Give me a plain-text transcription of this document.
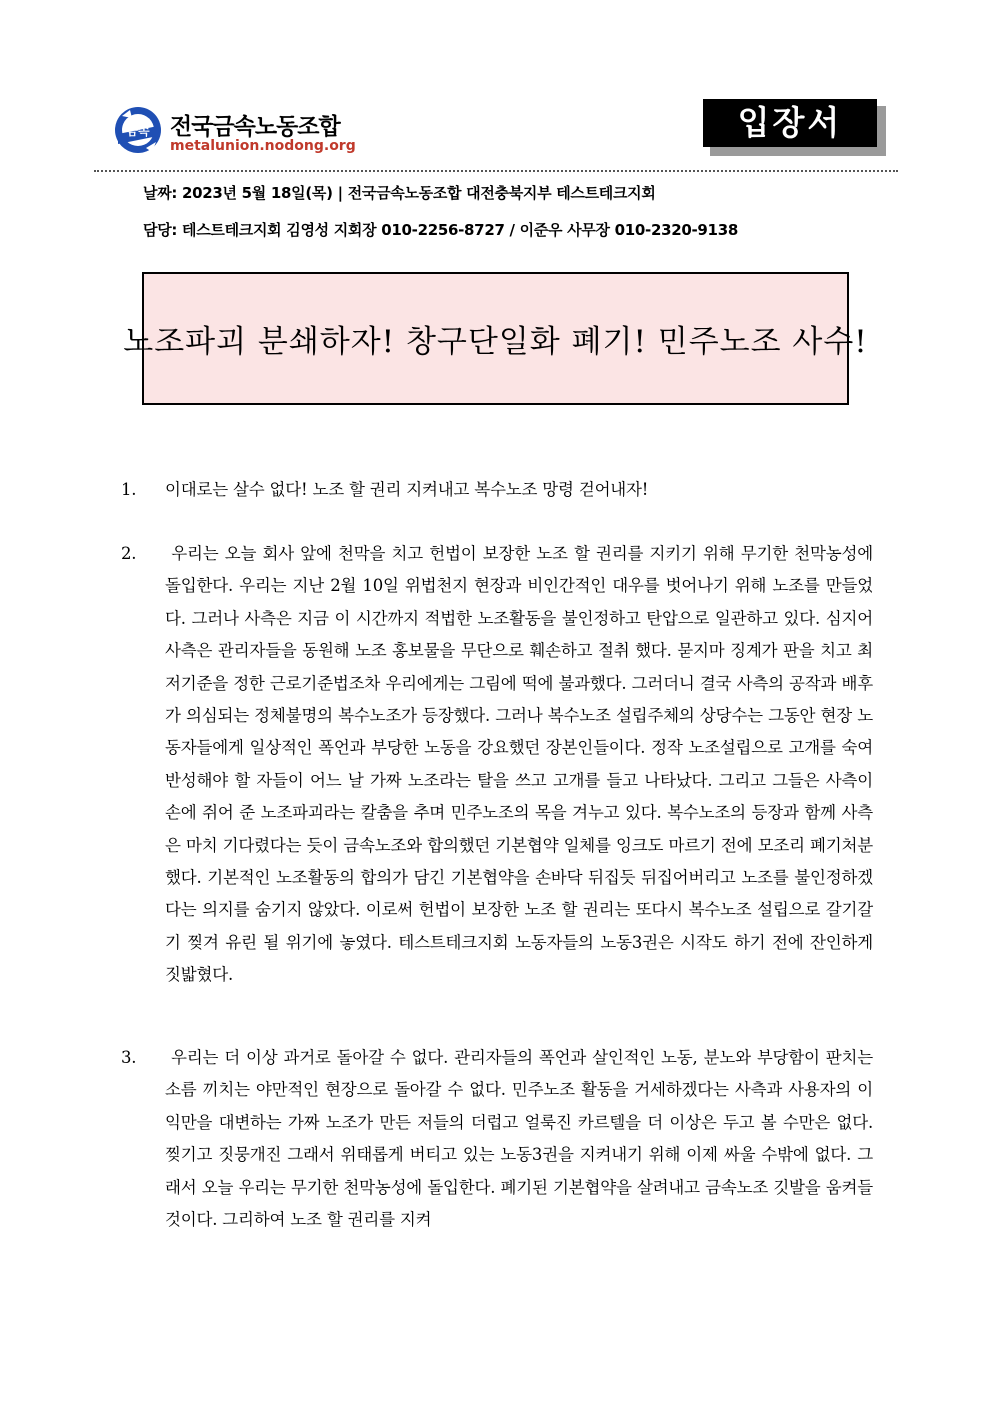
금속 전국금속노동조합
metalunion.nodong.org
입장서
날짜: 2023년 5월 18일(목) | 전국금속노동조합 대전충북지부 테스트테크지회
담당: 테스트테크지회 김영성 지회장 010-2256-8727 / 이준우 사무장 010-2320-9138
노조파괴 분쇄하자! 창구단일화 폐기! 민주노조 사수!
1. 이대로는 살수 없다! 노조 할 권리 지켜내고 복수노조 망령 걷어내자!
2. 우리는 오늘 회사 앞에 천막을 치고 헌법이 보장한 노조 할 권리를 지키기 위해 무기한 천막농성에 돌입한다. 우리는 지난 2월 10일 위법천지 현장과 비인간적인 대우를 벗어나기 위해 노조를 만들었다. 그러나 사측은 지금 이 시간까지 적법한 노조활동을 불인정하고 탄압으로 일관하고 있다. 심지어 사측은 관리자들을 동원해 노조 홍보물을 무단으로 훼손하고 절취 했다. 묻지마 징계가 판을 치고 최저기준을 정한 근로기준법조차 우리에게는 그림에 떡에 불과했다. 그러더니 결국 사측의 공작과 배후가 의심되는 정체불명의 복수노조가 등장했다. 그러나 복수노조 설립주체의 상당수는 그동안 현장 노동자들에게 일상적인 폭언과 부당한 노동을 강요했던 장본인들이다. 정작 노조설립으로 고개를 숙여 반성해야 할 자들이 어느 날 가짜 노조라는 탈을 쓰고 고개를 들고 나타났다. 그리고 그들은 사측이 손에 쥐어 준 노조파괴라는 칼춤을 추며 민주노조의 목을 겨누고 있다. 복수노조의 등장과 함께 사측은 마치 기다렸다는 듯이 금속노조와 합의했던 기본협약 일체를 잉크도 마르기 전에 모조리 폐기처분했다. 기본적인 노조활동의 합의가 담긴 기본협약을 손바닥 뒤집듯 뒤집어버리고 노조를 불인정하겠다는 의지를 숨기지 않았다. 이로써 헌법이 보장한 노조 할 권리는 또다시 복수노조 설립으로 갈기갈기 찢겨 유린 될 위기에 놓였다. 테스트테크지회 노동자들의 노동3권은 시작도 하기 전에 잔인하게 짓밟혔다.
3. 우리는 더 이상 과거로 돌아갈 수 없다. 관리자들의 폭언과 살인적인 노동, 분노와 부당함이 판치는 소름 끼치는 야만적인 현장으로 돌아갈 수 없다. 민주노조 활동을 거세하겠다는 사측과 사용자의 이익만을 대변하는 가짜 노조가 만든 저들의 더럽고 얼룩진 카르텔을 더 이상은 두고 볼 수만은 없다. 찢기고 짓뭉개진 그래서 위태롭게 버티고 있는 노동3권을 지켜내기 위해 이제 싸울 수밖에 없다. 그래서 오늘 우리는 무기한 천막농성에 돌입한다. 폐기된 기본협약을 살려내고 금속노조 깃발을 움켜들 것이다. 그리하여 노조 할 권리를 지켜
